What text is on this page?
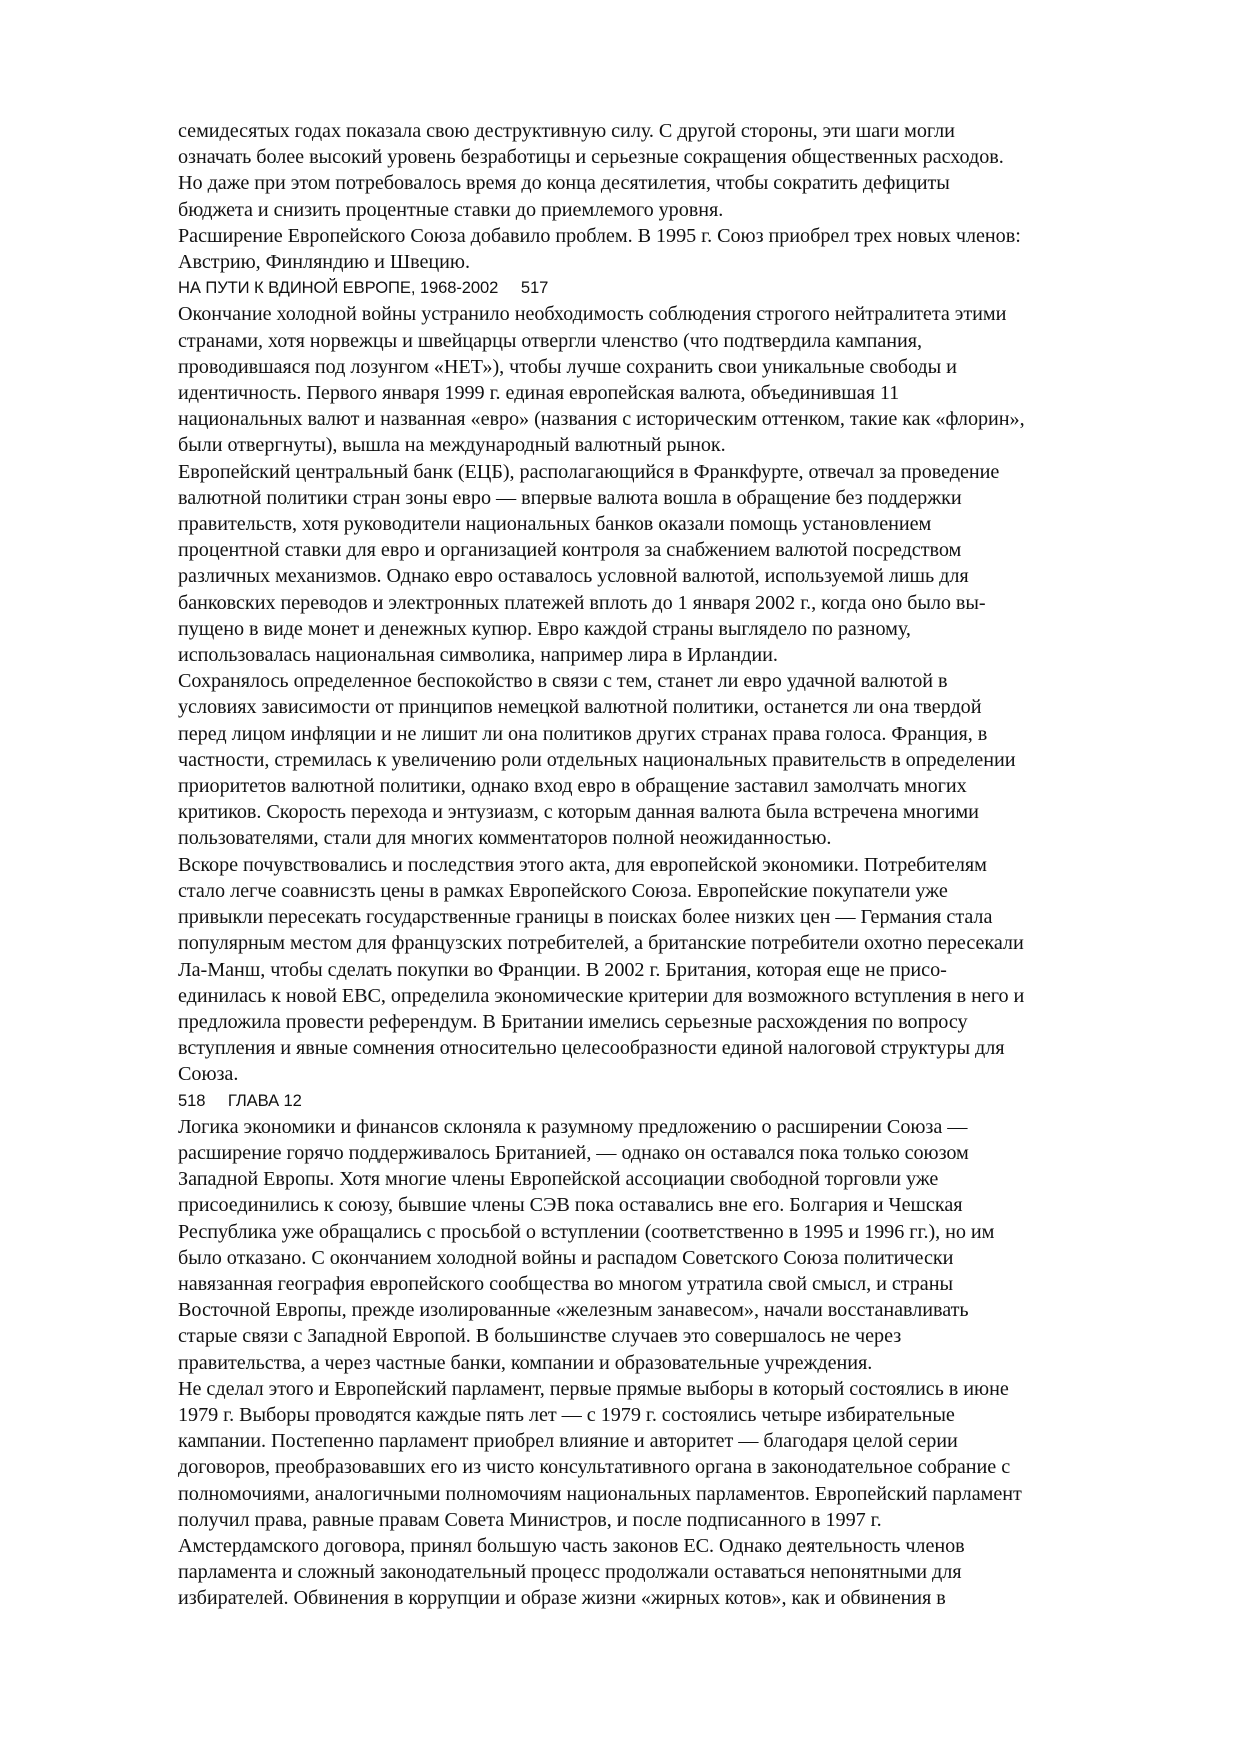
семидесятых годах показала свою деструктивную силу. С другой стороны, эти шаги могли
означать более высокий уровень безработицы и серьезные сокращения общественных расходов.
Но даже при этом потребовалось время до конца десятилетия, чтобы сократить дефициты
бюджета и снизить процентные ставки до приемлемого уровня.
Расширение Европейского Союза добавило проблем. В 1995 г. Союз приобрел трех новых членов:
Австрию, Финляндию и Швецию.
НА ПУТИ К ВДИНОЙ ЕВРОПЕ, 1968-2002     517
Окончание холодной войны устранило необходимость соблюдения строгого нейтралитета этими
странами, хотя норвежцы и швейцарцы отвергли членство (что подтвердила кампания,
проводившаяся под лозунгом «НЕТ»), чтобы лучше сохранить свои уникальные свободы и
идентичность. Первого января 1999 г. единая европейская валюта, объединившая 11
национальных валют и названная «евро» (названия с историческим оттенком, такие как «флорин»,
были отвергнуты), вышла на международный валютный рынок.
Европейский центральный банк (ЕЦБ), располагающийся в Франкфурте, отвечал за проведение
валютной политики стран зоны евро — впервые валюта вошла в обращение без поддержки
правительств, хотя руководители национальных банков оказали помощь установлением
процентной ставки для евро и организацией контроля за снабжением валютой посредством
различных механизмов. Однако евро оставалось условной валютой, используемой лишь для
банковских переводов и электронных платежей вплоть до 1 января 2002 г., когда оно было вы-
пущено в виде монет и денежных купюр. Евро каждой страны выглядело по разному,
использовалась национальная символика, например лира в Ирландии.
Сохранялось определенное беспокойство в связи с тем, станет ли евро удачной валютой в
условиях зависимости от принципов немецкой валютной политики, останется ли она твердой
перед лицом инфляции и не лишит ли она политиков других странах права голоса. Франция, в
частности, стремилась к увеличению роли отдельных национальных правительств в определении
приоритетов валютной политики, однако вход евро в обращение заставил замолчать многих
критиков. Скорость перехода и энтузиазм, с которым данная валюта была встречена многими
пользователями, стали для многих комментаторов полной неожиданностью.
Вскоре почувствовались и последствия этого акта, для европейской экономики. Потребителям
стало легче соавнисзть цены в рамках Европейского Союза. Европейские покупатели уже
привыкли пересекать государственные границы в поисках более низких цен — Германия стала
популярным местом для французских потребителей, а британские потребители охотно пересекали
Ла-Манш, чтобы сделать покупки во Франции. В 2002 г. Британия, которая еще не присо-
единилась к новой ЕВС, определила экономические критерии для возможного вступления в него и
предложила провести референдум. В Британии имелись серьезные расхождения по вопросу
вступления и явные сомнения относительно целесообразности единой налоговой структуры для
Союза.
518     ГЛАВА 12
Логика экономики и финансов склоняла к разумному предложению о расширении Союза —
расширение горячо поддерживалось Британией, — однако он оставался пока только союзом
Западной Европы. Хотя многие члены Европейской ассоциации свободной торговли уже
присоединились к союзу, бывшие члены СЭВ пока оставались вне его. Болгария и Чешская
Республика уже обращались с просьбой о вступлении (соответственно в 1995 и 1996 гг.), но им
было отказано. С окончанием холодной войны и распадом Советского Союза политически
навязанная география европейского сообщества во многом утратила свой смысл, и страны
Восточной Европы, прежде изолированные «железным занавесом», начали восстанавливать
старые связи с Западной Европой. В большинстве случаев это совершалось не через
правительства, а через частные банки, компании и образовательные учреждения.
Не сделал этого и Европейский парламент, первые прямые выборы в который состоялись в июне
1979 г. Выборы проводятся каждые пять лет — с 1979 г. состоялись четыре избирательные
кампании. Постепенно парламент приобрел влияние и авторитет — благодаря целой серии
договоров, преобразовавших его из чисто консультативного органа в законодательное собрание с
полномочиями, аналогичными полномочиям национальных парламентов. Европейский парламент
получил права, равные правам Совета Министров, и после подписанного в 1997 г.
Амстердамского договора, принял большую часть законов ЕС. Однако деятельность членов
парламента и сложный законодательный процесс продолжали оставаться непонятными для
избирателей. Обвинения в коррупции и образе жизни «жирных котов», как и обвинения в
